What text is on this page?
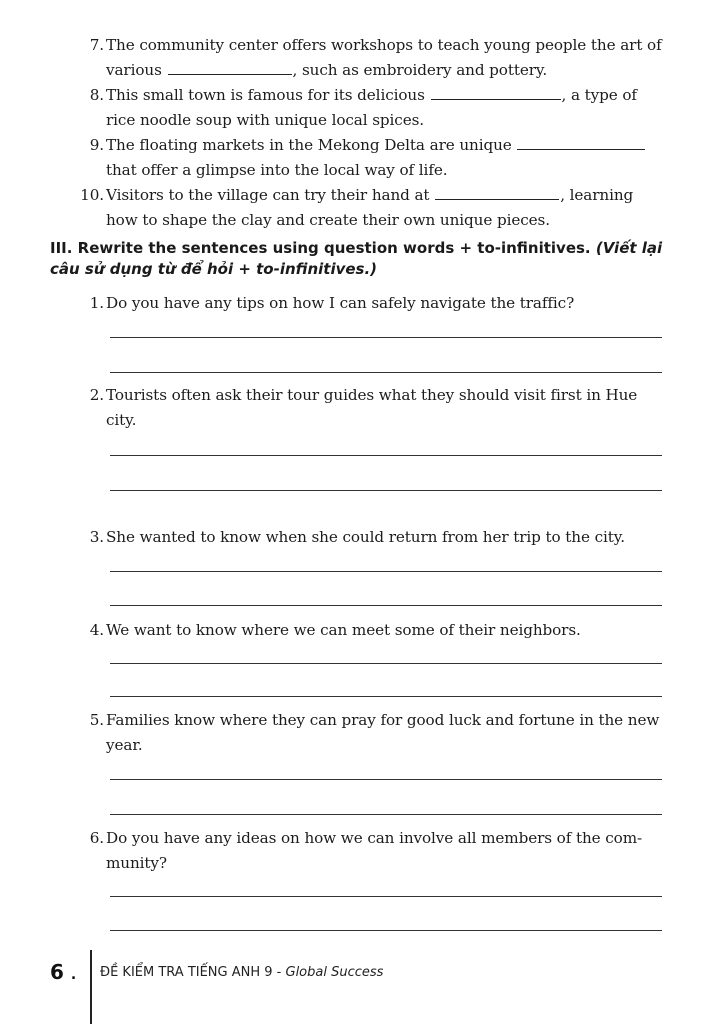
7. The community center offers workshops to teach young people the art of
various	, such as embroidery and pottery.
8. This small town is famous for its delicious	, a type of
rice noodle soup with unique local spices.
9. The floating markets in the Mekong Delta are unique
that offer a glimpse into the local way of life.
10. Visitors to the village can try their hand at	, learning
how to shape the clay and create their own unique pieces.
III. Rewrite the sentences using question words + to-infinitives. (Viết lại
câu sử dụng từ để hỏi + to-infinitives.)
1. Do you have any tips on how I can safely navigate the traffic?
2. Tourists often ask their tour guides what they should visit first in Hue
city.
3. She wanted to know when she could return from her trip to the city.
4. We want to know where we can meet some of their neighbors.
5. Families know where they can pray for good luck and fortune in the new
year.
6. Do you have any ideas on how we can involve all members of the com-
munity?
6 . ĐỀ KIỂM TRA TIẾNG ANH 9 - Global Success
